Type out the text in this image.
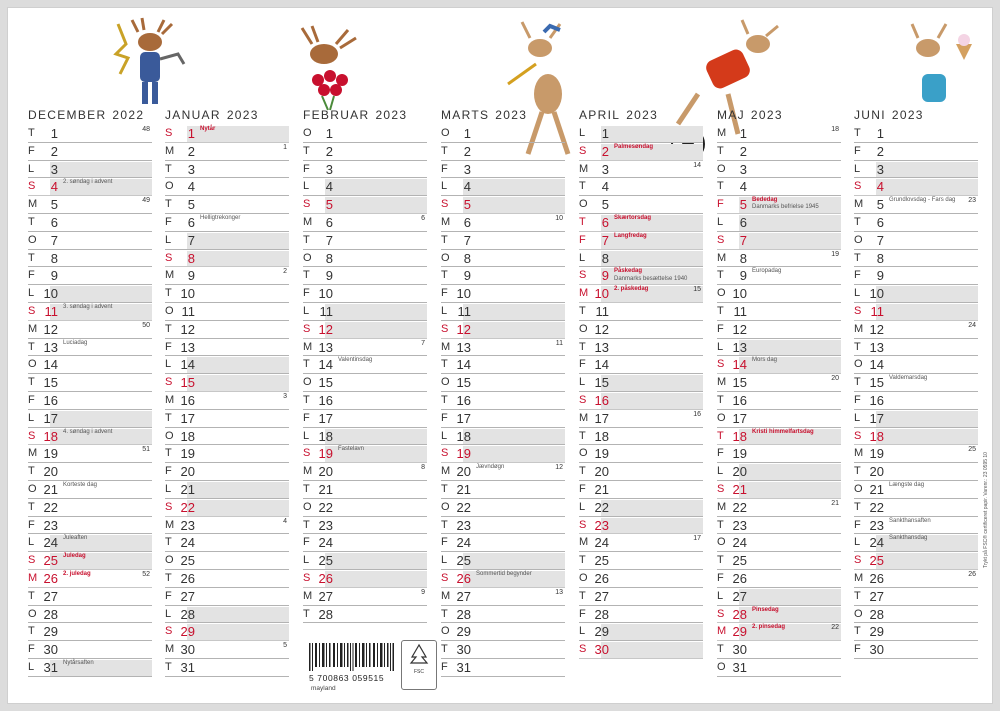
DECEMBER 2022
T	1	48
F	2
L	3
S	4 2. søndag i advent
M	5	49
T	6
O	7
T	8
F	9
L 10
S 11 3. søndag i advent
M 12	50
T 13 Luciadag
O 14
T 15
F 16
L 17
S 18 4. søndag i advent
M 19	51
T 20
O 21 Korteste dag
T 22
F 23
L 24 Juleaften
S 25 Juledag
M 26 2. juledag	52
T 27
O 28
T 29
F 30
L 31 Nytårsaften
JANUAR 2023
S	1 Nytår
M	2	1
T	3
O	4
T	5
F	6 Helligtrekonger
L	7
S	8
M	9	2
T 10
O 11
T 12
F 13
L 14
S 15
M 16	3
T 17
O 18
T 19
F 20
L 21
S 22
M 23	4
T 24
O 25
T 26
F 27
L 28
S 29
M 30	5
T 31
FEBRUAR 2023
O	1
T	2
F	3
L	4
S	5
M	6	6
T	7
O	8
T	9
F 10
L 11
S 12
M 13	7
T 14 Valentinsdag
O 15
T 16
F 17
L 18
S 19 Fastelavn
M 20	8
T 21
O 22
T 23
F 24
L 25
S 26
M 27	9
T 28
MARTS 2023
O	1
T	2
F	3
L	4
S	5
M	6	10
T	7
O	8
T	9
F 10
L 11
S 12
M 13	11
T 14
O 15
T 16
F 17
L 18
S 19
M 20 Jævndøgn	12
T 21
O 22
T 23
F 24
L 25
S 26 Sommertid begynder
M 27	13
T 28
O 29
T 30
F 31
APRIL 2023
L	1
S	2 Palmesøndag
M	3	14
T	4
O	5
T	6 Skærtorsdag
F	7 Langfredag
L	8
S	9 Påskedag
Danmarks besættelse 1940
M 10 2. påskedag	15
T 11
O 12
T 13
F 14
L 15
S 16
M 17	16
T 18
O 19
T 20
F 21
L 22
S 23
M 24	17
T 25
O 26
T 27
F 28
L 29
S 30
MAJ 2023
M	1	18
T	2
O	3
T	4
F	5 Bededag
Danmarks befrielse 1945
L	6
S	7
M	8	19
T	9 Europadag
O 10
T 11
F 12
L 13
S 14 Mors dag
M 15	20
T 16
O 17
T 18 Kristi himmelfartsdag
F 19
L 20
S 21
M 22	21
T 23
O 24
T 25
F 26
L 27
S 28 Pinsedag
M 29 2. pinsedag	22
T 30
O 31
JUNI 2023
T	1
F	2
L	3
S	4
M	5 Grundlovsdag - Fars dag 23
T	6
O	7
T	8
F	9
L 10
S 11
M 12	24
T 13
O 14
T 15 Valdemarsdag
F 16
L 17
S 18
M 19	25
T 20
O 21 Længste dag
T 22
F 23 Sankthansaften
L 24 Sankthansdag
S 25
M 26	26
T 27
O 28
T 29
F 30
5 700863 059515
mayland
FSC
Trykt på FSC® certificeret papir. Varenr.: 23 0595 10
